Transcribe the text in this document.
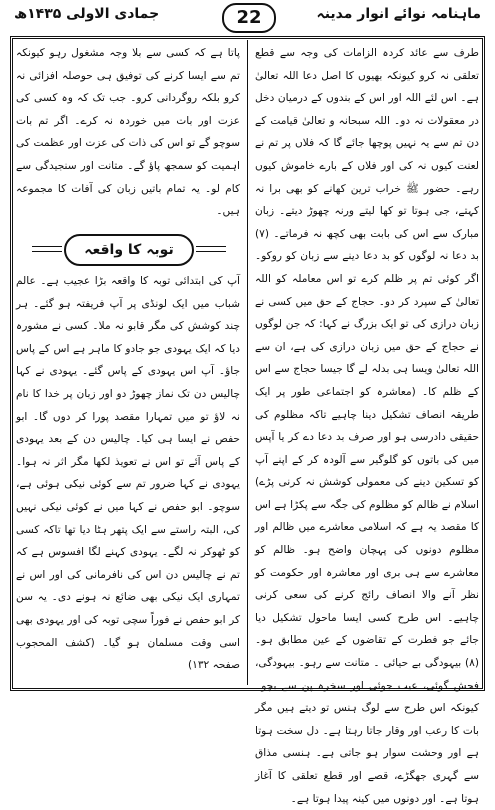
ماہنامہ نوائے انوار مدینہ
22
جمادی الاولی ۱۴۳۵ھ

طرف سے عائد کردہ الزامات کی وجہ سے قطع تعلقی نہ کرو کیونکہ بھیوں کا اصل دعا اللہ تعالیٰ ہے۔ اس لئے اللہ اور اس کے بندوں کے درمیان دخل در معقولات نہ دو۔ اللہ سبحانہ و تعالیٰ قیامت کے دن تم سے یہ نہیں پوچھا جائے گا کہ فلاں پر تم نے لعنت کیوں نہ کی اور فلاں کے بارے خاموش کیوں رہے۔ حضور ﷺ خراب ترین کھانے کو بھی برا نہ کہتے، جی ہوتا تو کھا لیتے ورنہ چھوڑ دیتے۔ زبان مبارک سے اس کی بابت بھی کچھ نہ فرماتے۔ (۷) بد دعا نہ لوگوں کو بد دعا دینے سے زبان کو روکو۔ اگر کوئی تم پر ظلم کرے تو اس معاملہ کو اللہ تعالیٰ کے سپرد کر دو۔ حجاج کے حق میں کسی نے زبان درازی کی تو ایک بزرگ نے کہا: کہ جن لوگوں نے حجاج کے حق میں زبان درازی کی ہے، ان سے اللہ تعالیٰ ویسا ہی بدلہ لے گا جیسا حجاج سے اس کے ظلم کا۔ (معاشرہ کو اجتماعی طور پر ایک طریقہ انصاف تشکیل دینا چاہیے تاکہ مظلوم کی حقیقی دادرسی ہو اور صرف بد دعا دے کر یا آپس میں کی باتوں کو گلوگیر سے آلودہ کر کے اپنے آپ کو تسکین دینے کی معمولی کوشش نہ کرنی پڑے) اسلام نے ظالم کو مظلوم کی جگہ سے پکڑا ہے اس کا مقصد یہ ہے کہ اسلامی معاشرے میں ظالم اور مظلوم دونوں کی پہچان واضح ہو۔ ظالم کو معاشرے سے ہی بری اور معاشرہ اور حکومت کو نظر آنے والا انصاف رائج کرنے کی سعی کرنی چاہیے۔ اس طرح کسی ایسا ماحول تشکیل دیا جائے جو فطرت کے تقاضوں کے عین مطابق ہو۔ (۸) بیہودگی بے حیائی ۔ متانت سے رہو۔ بیہودگی، فحش گوئی، عیب جوئی اور سخرہ پن سے بچو۔ کیونکہ اس طرح سے لوگ ہنس تو دیتے ہیں مگر بات کا رعب اور وقار جاتا رہتا ہے۔ دل سخت ہوتا ہے اور وحشت سوار ہو جاتی ہے۔ ہنسی مذاق سے گہری جھگڑے، قصے اور قطع تعلقی کا آغاز ہوتا ہے۔ اور دونوں میں کینہ پیدا ہوتا ہے۔

پاتا ہے کہ کسی سے بلا وجہ مشغول رہو کیونکہ تم سے ایسا کرنے کی توفیق ہی حوصلہ افزائی نہ کرو بلکہ روگردانی کرو۔ جب تک کہ وہ کسی کی عزت اور بات میں خوردہ نہ کرے۔ اگر تم بات سوچو گے تو اس کی ذات کی عزت اور عظمت کی اہمیت کو سمجھ پاؤ گے۔ متانت اور سنجیدگی سے کام لو۔ یہ تمام باتیں زبان کی آفات کا مجموعہ ہیں۔

آپ کی ابتدائی توبہ کا واقعہ بڑا عجیب ہے۔ عالم شباب میں ایک لونڈی پر آپ فریفتہ ہو گئے۔ ہر چند کوشش کی مگر قابو نہ ملا۔ کسی نے مشورہ دیا کہ ایک یہودی جو جادو کا ماہر ہے اس کے پاس جاؤ۔ آپ اس یہودی کے پاس گئے۔ یہودی نے کہا چالیس دن تک نماز چھوڑ دو اور زبان پر خدا کا نام نہ لاؤ تو میں تمہارا مقصد پورا کر دوں گا۔ ابو حفص نے ایسا ہی کیا۔ چالیس دن کے بعد یہودی کے پاس آئے تو اس نے تعویذ لکھا مگر اثر نہ ہوا۔ یہودی نے کہا ضرور تم سے کوئی نیکی ہوئی ہے، سوچو۔ ابو حفص نے کہا میں نے کوئی نیکی نہیں کی، البتہ راستے سے ایک پتھر ہٹا دیا تھا تاکہ کسی کو ٹھوکر نہ لگے۔ یہودی کہنے لگا افسوس ہے کہ تم نے چالیس دن اس کی نافرمانی کی اور اس نے تمہاری ایک نیکی بھی ضائع نہ ہونے دی۔ یہ سن کر ابو حفص نے فوراً سچی توبہ کی اور یہودی بھی اسی وقت مسلمان ہو گیا۔ (کشف المحجوب صفحہ ۱۳۲)

توبہ کا واقعہ
